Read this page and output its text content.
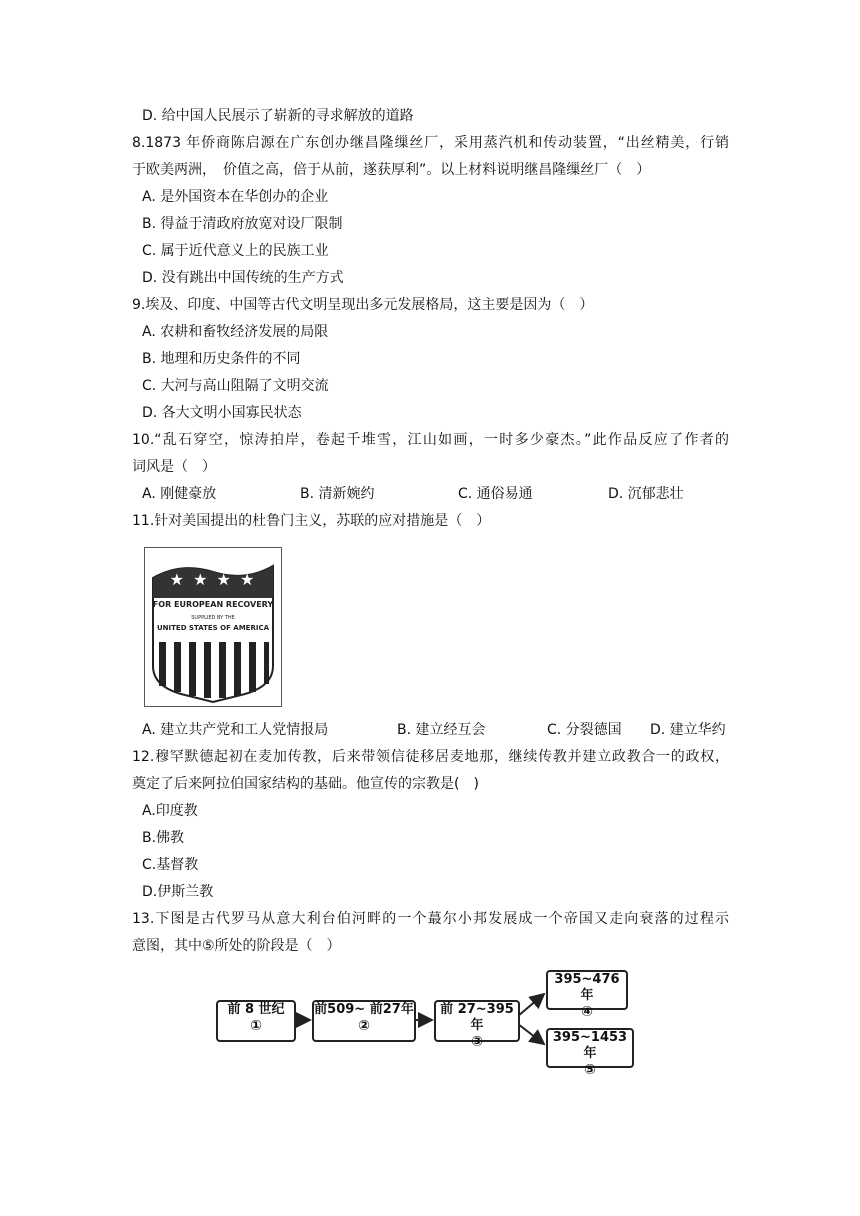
D. 给中国人民展示了崭新的寻求解放的道路
8.1873 年侨商陈启源在广东创办继昌隆缫丝厂，采用蒸汽机和传动装置，“出丝精美，行销
于欧美两洲，　价值之高，倍于从前，遂获厚利”。以上材料说明继昌隆缫丝厂（　）
A. 是外国资本在华创办的企业
B. 得益于清政府放宽对设厂限制
C. 属于近代意义上的民族工业
D. 没有跳出中国传统的生产方式
9.埃及、印度、中国等古代文明呈现出多元发展格局，这主要是因为（　）
A. 农耕和畜牧经济发展的局限
B. 地理和历史条件的不同
C. 大河与高山阻隔了文明交流
D. 各大文明小国寡民状态
10.“乱石穿空，惊涛拍岸，卷起千堆雪，江山如画，一时多少豪杰。”此作品反应了作者的
词风是（　）
A. 刚健豪放	B. 清新婉约	C. 通俗易通	D. 沉郁悲壮
11.针对美国提出的杜鲁门主义，苏联的应对措施是（　）
★ ★ ★ ★
FOR EUROPEAN RECOVERY
SUPPLIED BY THE
UNITED STATES OF AMERICA
A. 建立共产党和工人党情报局	B. 建立经互会	C. 分裂德国 D. 建立华约
12.穆罕默德起初在麦加传教，后来带领信徒移居麦地那，继续传教并建立政教合一的政权，
奠定了后来阿拉伯国家结构的基础。他宣传的宗教是(　)
A.印度教
B.佛教
C.基督教
D.伊斯兰教
13.下图是古代罗马从意大利台伯河畔的一个蕞尔小邦发展成一个帝国又走向衰落的过程示
意图，其中⑤所处的阶段是（　）
前 8 世纪
①
前509~ 前27年
②
前 27~395年
③
395~476年
④
395~1453年
⑤
